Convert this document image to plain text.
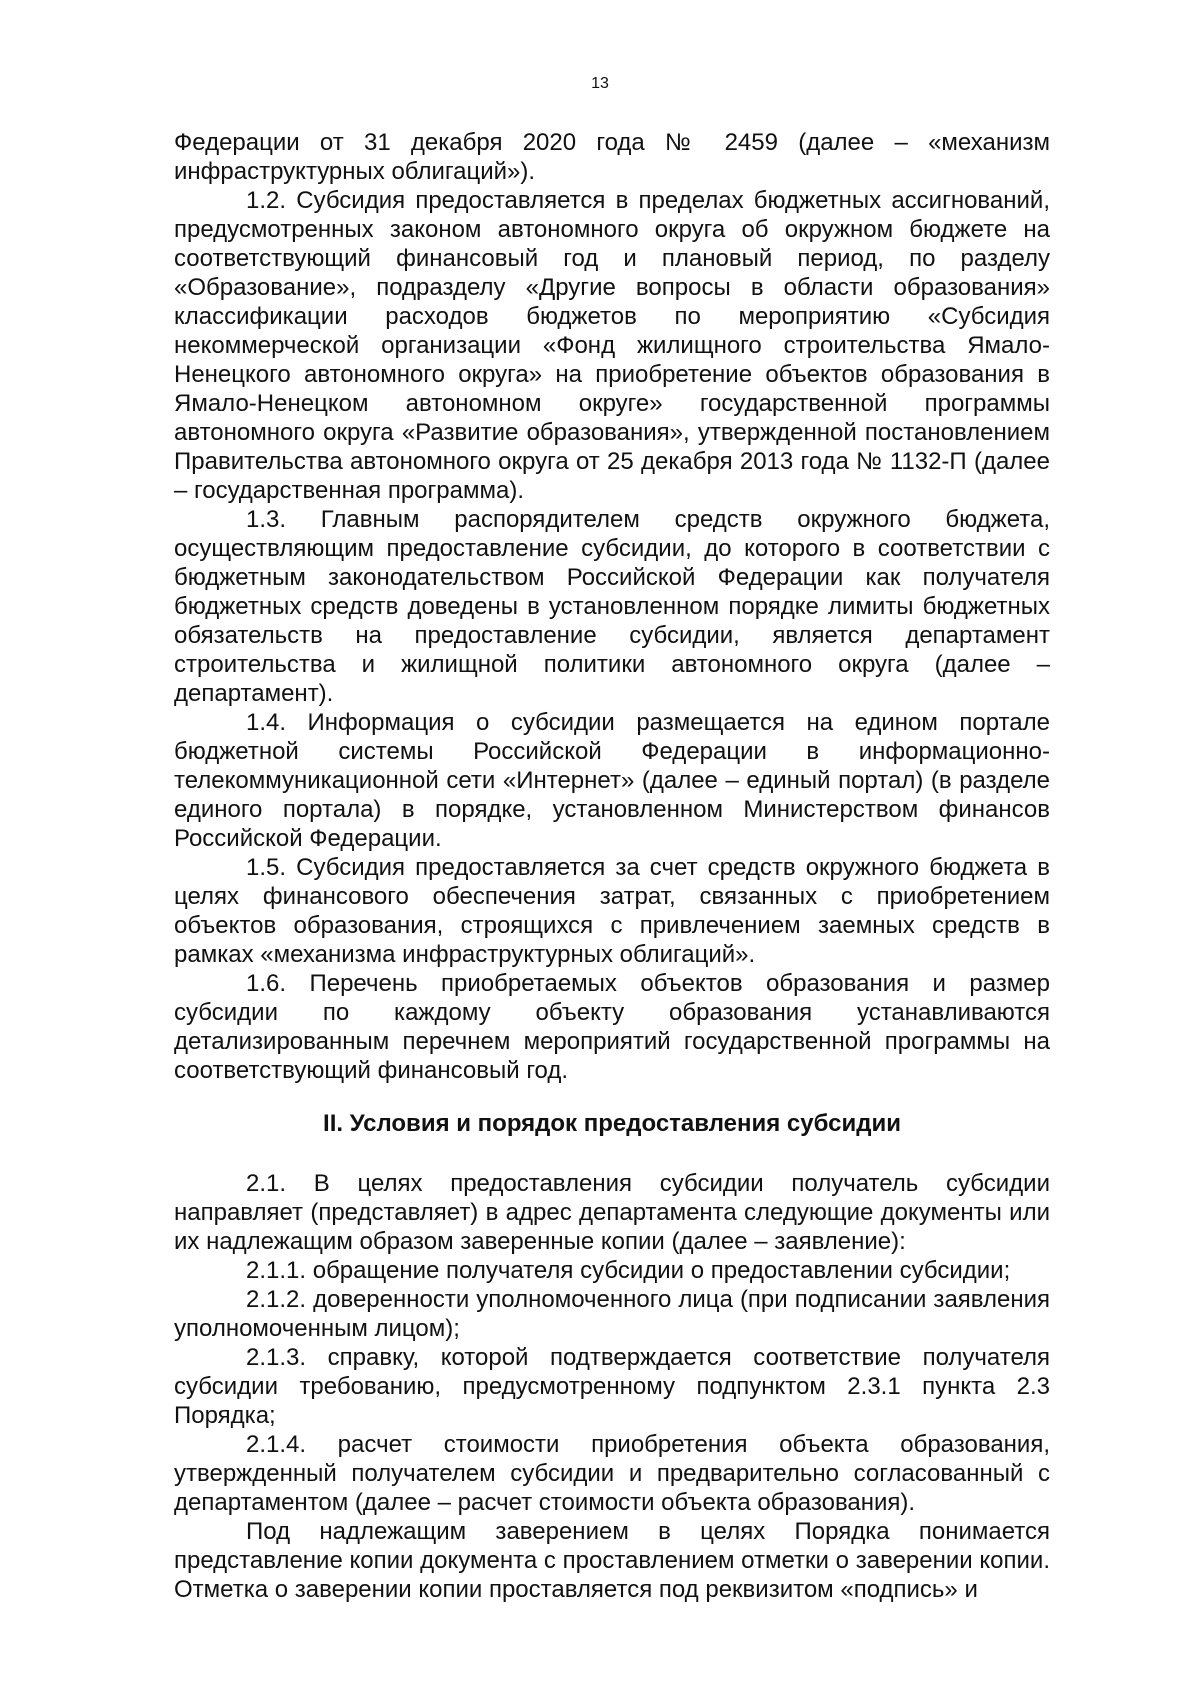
13

Федерации от 31 декабря 2020 года № 2459 (далее – «механизм инфраструктурных облигаций»).

1.2. Субсидия предоставляется в пределах бюджетных ассигнований, предусмотренных законом автономного округа об окружном бюджете на соответствующий финансовый год и плановый период, по разделу «Образование», подразделу «Другие вопросы в области образования» классификации расходов бюджетов по мероприятию «Субсидия некоммерческой организации «Фонд жилищного строительства Ямало-Ненецкого автономного округа» на приобретение объектов образования в Ямало-Ненецком автономном округе» государственной программы автономного округа «Развитие образования», утвержденной постановлением Правительства автономного округа от 25 декабря 2013 года № 1132-П (далее – государственная программа).

1.3. Главным распорядителем средств окружного бюджета, осуществляющим предоставление субсидии, до которого в соответствии с бюджетным законодательством Российской Федерации как получателя бюджетных средств доведены в установленном порядке лимиты бюджетных обязательств на предоставление субсидии, является департамент строительства и жилищной политики автономного округа (далее – департамент).

1.4. Информация о субсидии размещается на едином портале бюджетной системы Российской Федерации в информационно-телекоммуникационной сети «Интернет» (далее – единый портал) (в разделе единого портала) в порядке, установленном Министерством финансов Российской Федерации.

1.5. Субсидия предоставляется за счет средств окружного бюджета в целях финансового обеспечения затрат, связанных с приобретением объектов образования, строящихся с привлечением заемных средств в рамках «механизма инфраструктурных облигаций».

1.6. Перечень приобретаемых объектов образования и размер субсидии по каждому объекту образования устанавливаются детализированным перечнем мероприятий государственной программы на соответствующий финансовый год.

II. Условия и порядок предоставления субсидии

2.1. В целях предоставления субсидии получатель субсидии направляет (представляет) в адрес департамента следующие документы или их надлежащим образом заверенные копии (далее – заявление):

2.1.1. обращение получателя субсидии о предоставлении субсидии;

2.1.2. доверенности уполномоченного лица (при подписании заявления уполномоченным лицом);

2.1.3. справку, которой подтверждается соответствие получателя субсидии требованию, предусмотренному подпунктом 2.3.1 пункта 2.3 Порядка;

2.1.4. расчет стоимости приобретения объекта образования, утвержденный получателем субсидии и предварительно согласованный с департаментом (далее – расчет стоимости объекта образования).

Под надлежащим заверением в целях Порядка понимается представление копии документа с проставлением отметки о заверении копии. Отметка о заверении копии проставляется под реквизитом «подпись» и
